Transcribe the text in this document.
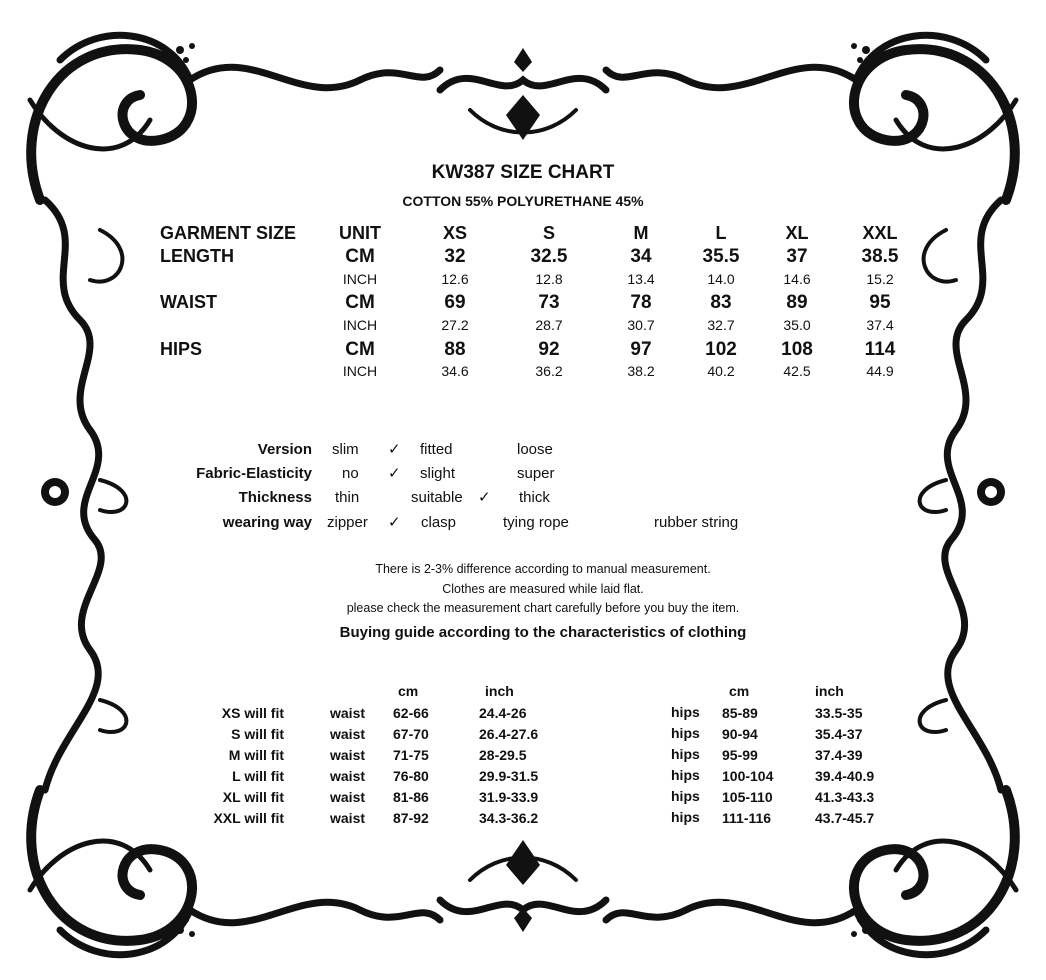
KW387 SIZE CHART
COTTON 55% POLYURETHANE 45%
GARMENT SIZE	UNIT	XS	S	M	L	XL	XXL
LENGTH	CM	32	32.5	34	35.5	37	38.5
INCH	12.6	12.8	13.4	14.0	14.6	15.2
WAIST	CM	69	73	78	83	89	95
INCH	27.2	28.7	30.7	32.7	35.0	37.4
HIPS	CM	88	92	97	102	108	114
INCH	34.6	36.2	38.2	40.2	42.5	44.9
Version slim ✓ fitted	loose
Fabric-Elasticity no ✓ slight	super
Thickness thin	suitable ✓ thick
wearing way zipper ✓ clasp	tying rope	rubber string
There is 2-3% difference according to manual measurement.
Clothes are measured while laid flat.
please check the measurement chart carefully before you buy the item.
Buying guide according to the characteristics of clothing
cm	inch	cm	inch
XS will fit	waist 62-66	24.4-26	hips 85-89	33.5-35
S will fit	waist 67-70	26.4-27.6	hips 90-94	35.4-37
M will fit	waist 71-75	28-29.5	hips 95-99	37.4-39
L will fit	waist 76-80	29.9-31.5	hips 100-104	39.4-40.9
XL will fit	waist 81-86	31.9-33.9	hips 105-110	41.3-43.3
XXL will fit	waist 87-92	34.3-36.2	hips 111-116	43.7-45.7
